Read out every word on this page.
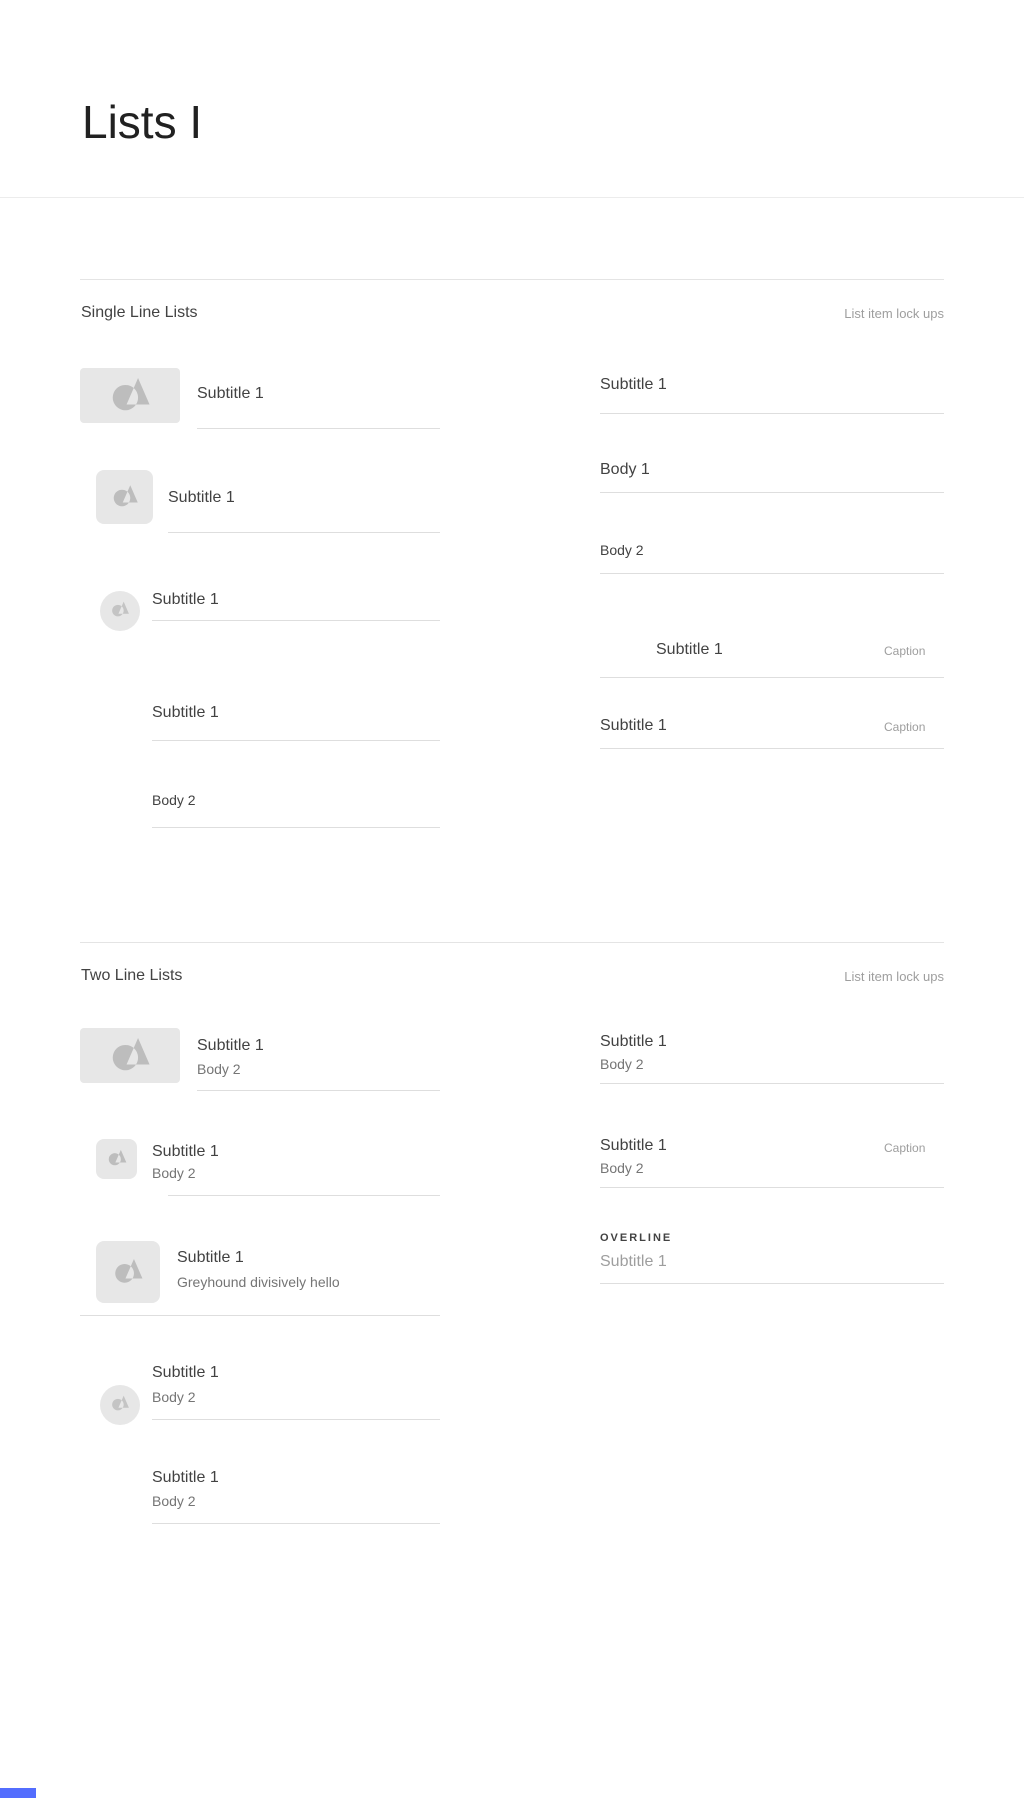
Lists I
Single Line Lists	List item lock ups
Subtitle 1
Subtitle 1
Subtitle 1
Subtitle 1
Body 2
Subtitle 1
Body 1
Body 2
Subtitle 1	Caption
Subtitle 1	Caption
Two Line Lists	List item lock ups
Subtitle 1
Body 2
Subtitle 1
Body 2
Subtitle 1
Greyhound divisively hello
Subtitle 1
Body 2
Subtitle 1
Body 2
Subtitle 1
Body 2
Subtitle 1	Caption
Body 2
OVERLINE
Subtitle 1
